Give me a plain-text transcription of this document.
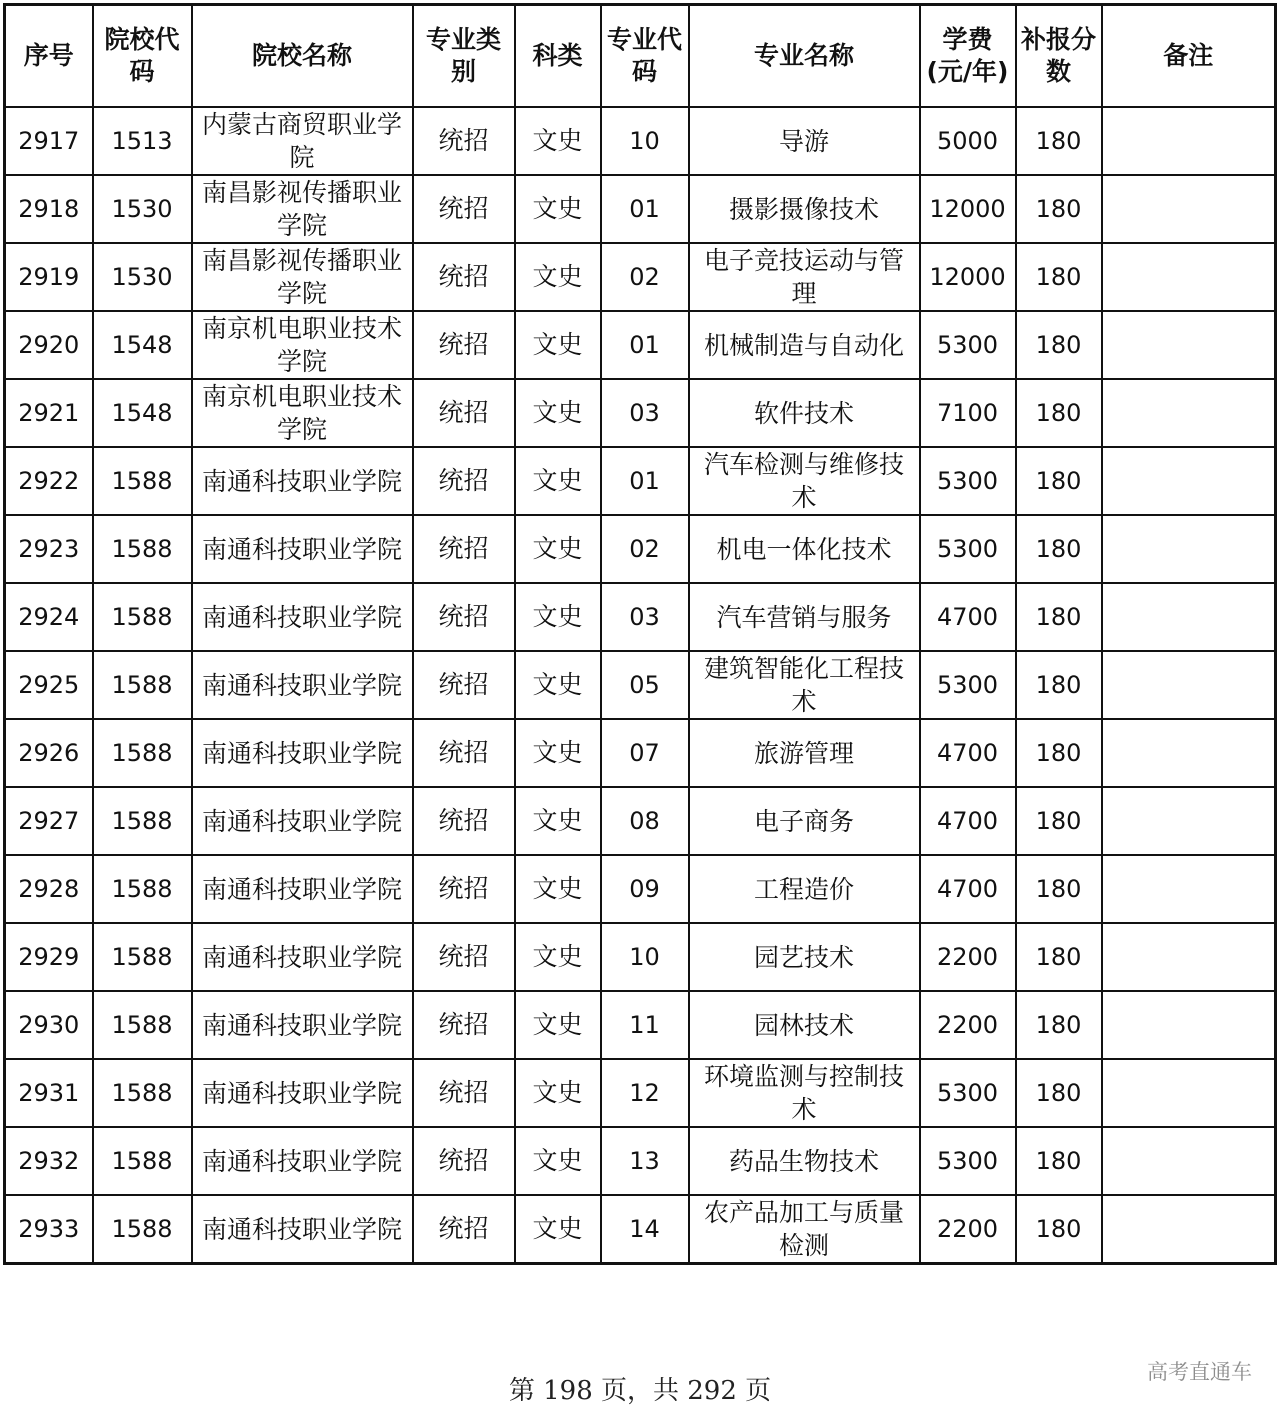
序号	院校代码	院校名称	专业类别	科类	专业代码	专业名称	学费(元/年)	补报分数	备注
2917	1513	内蒙古商贸职业学院	统招	文史	10	导游	5000	180	
2918	1530	南昌影视传播职业学院	统招	文史	01	摄影摄像技术	12000	180	
2919	1530	南昌影视传播职业学院	统招	文史	02	电子竞技运动与管理	12000	180	
2920	1548	南京机电职业技术学院	统招	文史	01	机械制造与自动化	5300	180	
2921	1548	南京机电职业技术学院	统招	文史	03	软件技术	7100	180	
2922	1588	南通科技职业学院	统招	文史	01	汽车检测与维修技术	5300	180	
2923	1588	南通科技职业学院	统招	文史	02	机电一体化技术	5300	180	
2924	1588	南通科技职业学院	统招	文史	03	汽车营销与服务	4700	180	
2925	1588	南通科技职业学院	统招	文史	05	建筑智能化工程技术	5300	180	
2926	1588	南通科技职业学院	统招	文史	07	旅游管理	4700	180	
2927	1588	南通科技职业学院	统招	文史	08	电子商务	4700	180	
2928	1588	南通科技职业学院	统招	文史	09	工程造价	4700	180	
2929	1588	南通科技职业学院	统招	文史	10	园艺技术	2200	180	
2930	1588	南通科技职业学院	统招	文史	11	园林技术	2200	180	
2931	1588	南通科技职业学院	统招	文史	12	环境监测与控制技术	5300	180	
2932	1588	南通科技职业学院	统招	文史	13	药品生物技术	5300	180	
2933	1588	南通科技职业学院	统招	文史	14	农产品加工与质量检测	2200	180	
第 198 页，共 292 页
高考直通车
